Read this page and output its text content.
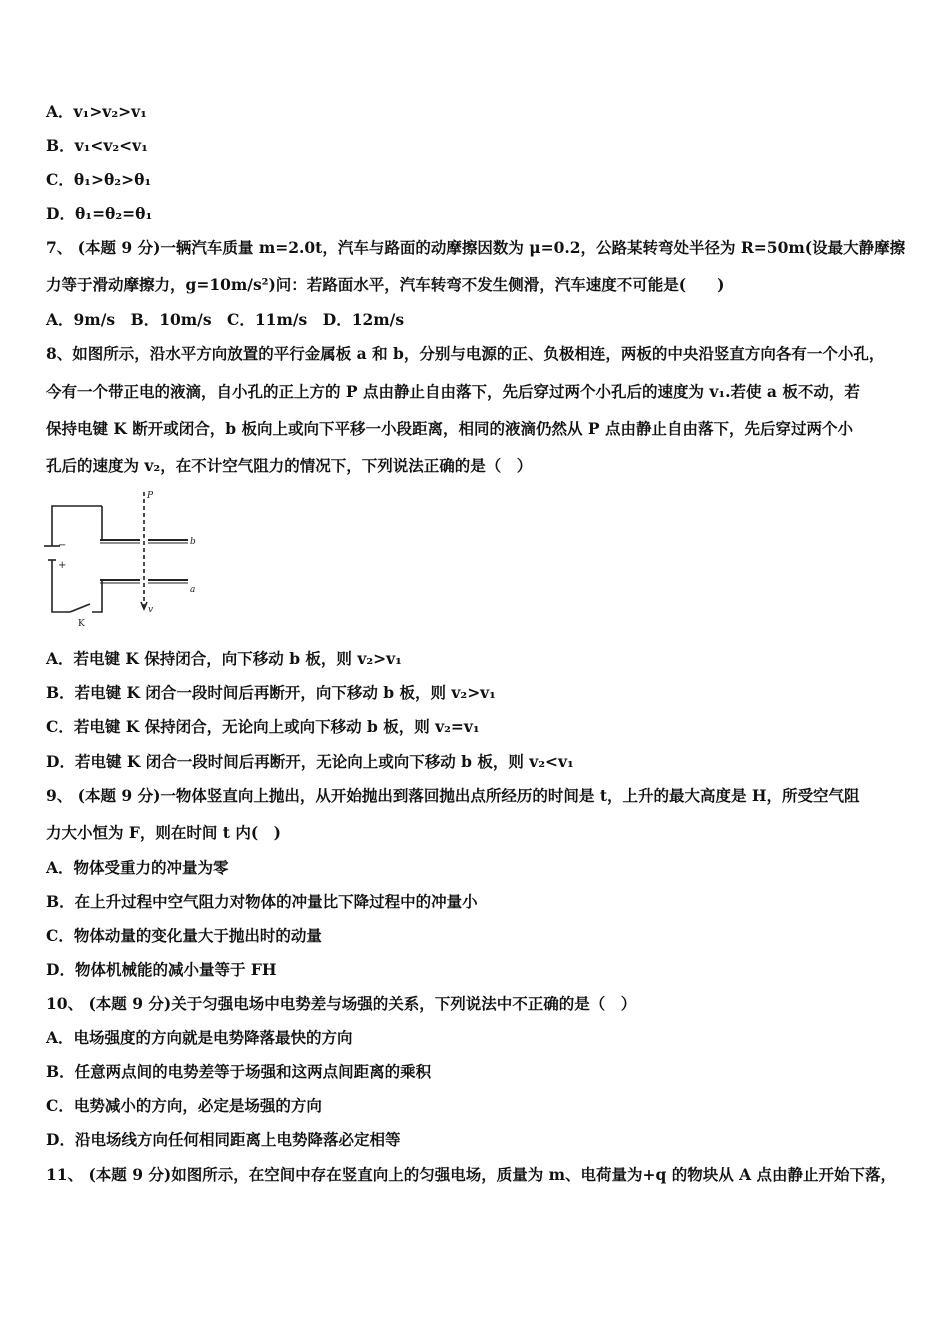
A．v₁>v₂>v₁
B．v₁<v₂<v₁
C．θ₁>θ₂>θ₁
D．θ₁=θ₂=θ₁
7、 (本题 9 分)一辆汽车质量 m=2.0t，汽车与路面的动摩擦因数为 μ=0.2，公路某转弯处半径为 R=50m(设最大静摩擦
力等于滑动摩擦力，g=10m/s²)问：若路面水平，汽车转弯不发生侧滑，汽车速度不可能是(　　)
A．9m/s　B．10m/s　C．11m/s　D．12m/s
8、如图所示，沿水平方向放置的平行金属板 a 和 b，分别与电源的正、负极相连，两板的中央沿竖直方向各有一个小孔，
今有一个带正电的液滴，自小孔的正上方的 P 点由静止自由落下，先后穿过两个小孔后的速度为 v₁.若使 a 板不动，若
保持电键 K 断开或闭合，b 板向上或向下平移一小段距离，相同的液滴仍然从 P 点由静止自由落下，先后穿过两个小
孔后的速度为 v₂，在不计空气阻力的情况下，下列说法正确的是（　）
P
b
a
v
K
−
+
A．若电键 K 保持闭合，向下移动 b 板，则 v₂>v₁
B．若电键 K 闭合一段时间后再断开，向下移动 b 板，则 v₂>v₁
C．若电键 K 保持闭合，无论向上或向下移动 b 板，则 v₂=v₁
D．若电键 K 闭合一段时间后再断开，无论向上或向下移动 b 板，则 v₂<v₁
9、 (本题 9 分)一物体竖直向上抛出，从开始抛出到落回抛出点所经历的时间是 t，上升的最大高度是 H，所受空气阻
力大小恒为 F，则在时间 t 内(　)
A．物体受重力的冲量为零
B．在上升过程中空气阻力对物体的冲量比下降过程中的冲量小
C．物体动量的变化量大于抛出时的动量
D．物体机械能的减小量等于 FH
10、 (本题 9 分)关于匀强电场中电势差与场强的关系，下列说法中不正确的是（　）
A．电场强度的方向就是电势降落最快的方向
B．任意两点间的电势差等于场强和这两点间距离的乘积
C．电势减小的方向，必定是场强的方向
D．沿电场线方向任何相同距离上电势降落必定相等
11、 (本题 9 分)如图所示，在空间中存在竖直向上的匀强电场，质量为 m、电荷量为+q 的物块从 A 点由静止开始下落，
